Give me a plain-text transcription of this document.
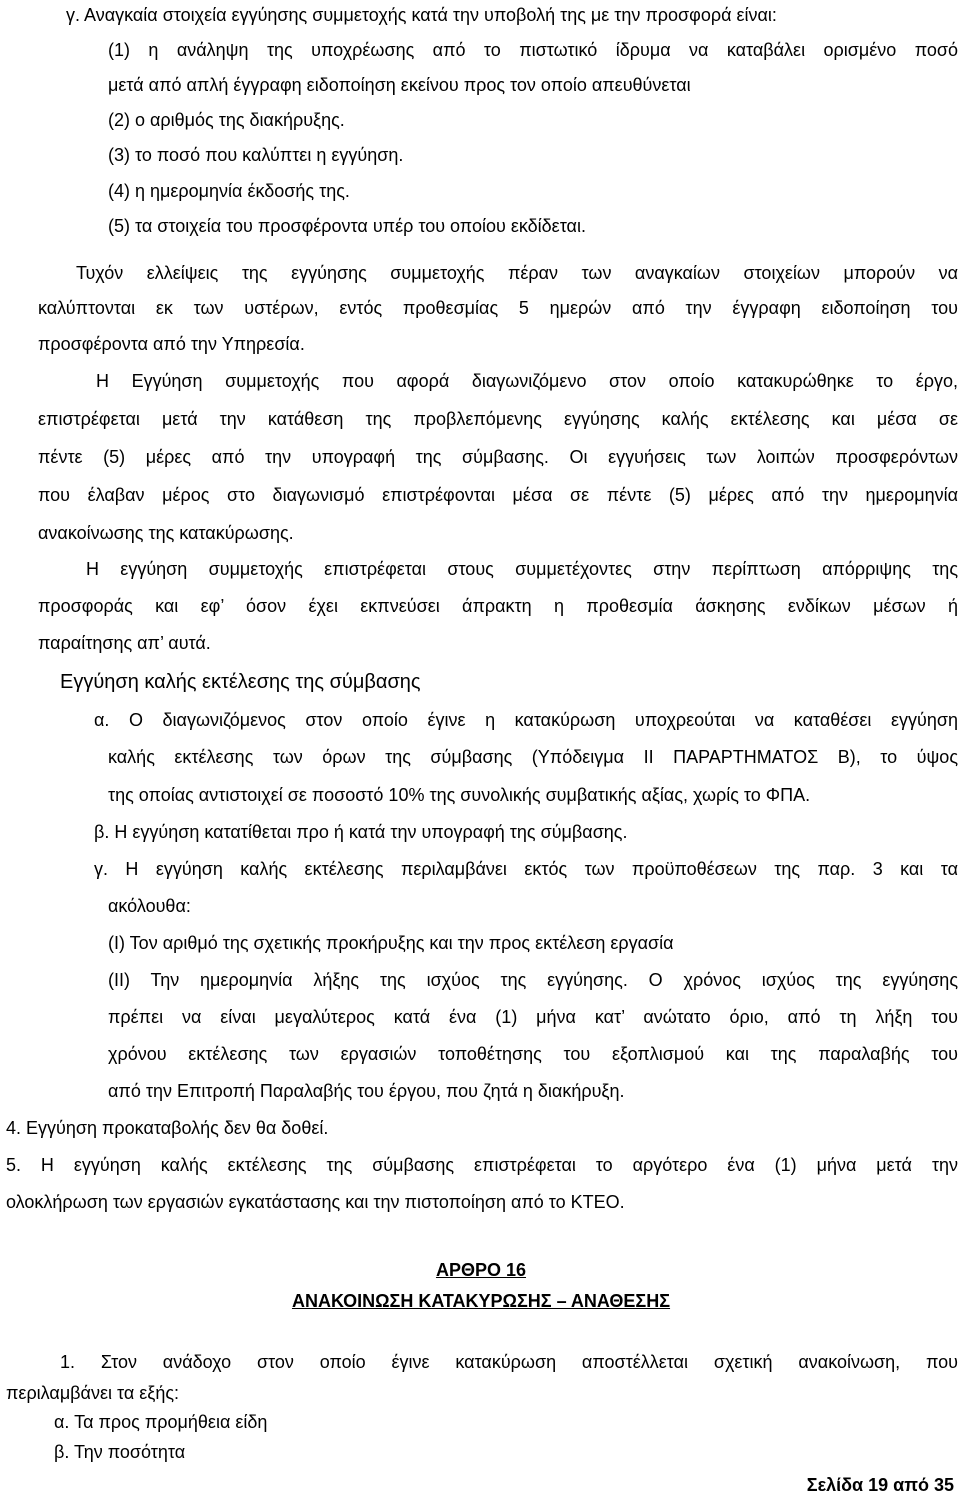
γ. Αναγκαία στοιχεία εγγύησης συμμετοχής κατά την υποβολή της με την προσφορά είναι:
(1) η ανάληψη της υποχρέωσης από το πιστωτικό ίδρυμα να καταβάλει ορισμένο ποσό
μετά από απλή έγγραφη ειδοποίηση εκείνου προς τον οποίο απευθύνεται
(2) ο αριθμός της διακήρυξης.
(3) το ποσό που καλύπτει η εγγύηση.
(4) η ημερομηνία έκδοσής της.
(5) τα στοιχεία του προσφέροντα υπέρ του οποίου εκδίδεται.
Τυχόν ελλείψεις της εγγύησης συμμετοχής πέραν των αναγκαίων στοιχείων μπορούν να
καλύπτονται εκ των υστέρων, εντός προθεσμίας 5 ημερών από την έγγραφη ειδοποίηση του
προσφέροντα από την Υπηρεσία.
Η Εγγύηση συμμετοχής που αφορά διαγωνιζόμενο στον οποίο κατακυρώθηκε το έργο,
επιστρέφεται μετά την κατάθεση της προβλεπόμενης εγγύησης καλής εκτέλεσης και μέσα σε
πέντε (5) μέρες από την υπογραφή της σύμβασης. Οι εγγυήσεις των λοιπών προσφερόντων
που έλαβαν μέρος στο διαγωνισμό επιστρέφονται μέσα σε πέντε (5) μέρες από την ημερομηνία
ανακοίνωσης της κατακύρωσης.
Η εγγύηση συμμετοχής επιστρέφεται στους συμμετέχοντες στην περίπτωση απόρριψης της
προσφοράς και εφ’ όσον έχει εκπνεύσει άπρακτη η προθεσμία άσκησης ενδίκων μέσων ή
παραίτησης απ’ αυτά.
Εγγύηση καλής εκτέλεσης της σύμβασης
α. Ο διαγωνιζόμενος στον οποίο έγινε η κατακύρωση υποχρεούται να καταθέσει εγγύηση
καλής εκτέλεσης των όρων της σύμβασης (Υπόδειγμα ΙΙ ΠΑΡΑΡΤΗΜΑΤΟΣ Β), το ύψος
της οποίας αντιστοιχεί σε ποσοστό 10% της συνολικής συμβατικής αξίας, χωρίς το ΦΠΑ.
β. Η εγγύηση κατατίθεται προ ή κατά την υπογραφή της σύμβασης.
γ. Η εγγύηση καλής εκτέλεσης περιλαμβάνει εκτός των προϋποθέσεων της παρ. 3 και τα
ακόλουθα:
(Ι) Τον αριθμό της σχετικής προκήρυξης και την προς εκτέλεση εργασία
(ΙΙ) Την ημερομηνία λήξης της ισχύος της εγγύησης. Ο χρόνος ισχύος της εγγύησης
πρέπει να είναι μεγαλύτερος κατά ένα (1) μήνα κατ’ ανώτατο όριο, από τη λήξη του
χρόνου εκτέλεσης των εργασιών τοποθέτησης του εξοπλισμού και της παραλαβής του
από την Επιτροπή Παραλαβής του έργου, που ζητά η διακήρυξη.
4. Εγγύηση προκαταβολής δεν θα δοθεί.
5. Η εγγύηση καλής εκτέλεσης της σύμβασης επιστρέφεται το αργότερο ένα (1) μήνα μετά την
ολοκλήρωση των εργασιών εγκατάστασης και την πιστοποίηση από το ΚΤΕΟ.
ΑΡΘΡΟ 16
ΑΝΑΚΟΙΝΩΣΗ ΚΑΤΑΚΥΡΩΣΗΣ – ΑΝΑΘΕΣΗΣ
1. Στον ανάδοχο στον οποίο έγινε κατακύρωση αποστέλλεται σχετική ανακοίνωση, που
περιλαμβάνει τα εξής:
α. Τα προς προμήθεια είδη
β. Την ποσότητα
Σελίδα 19 από 35
